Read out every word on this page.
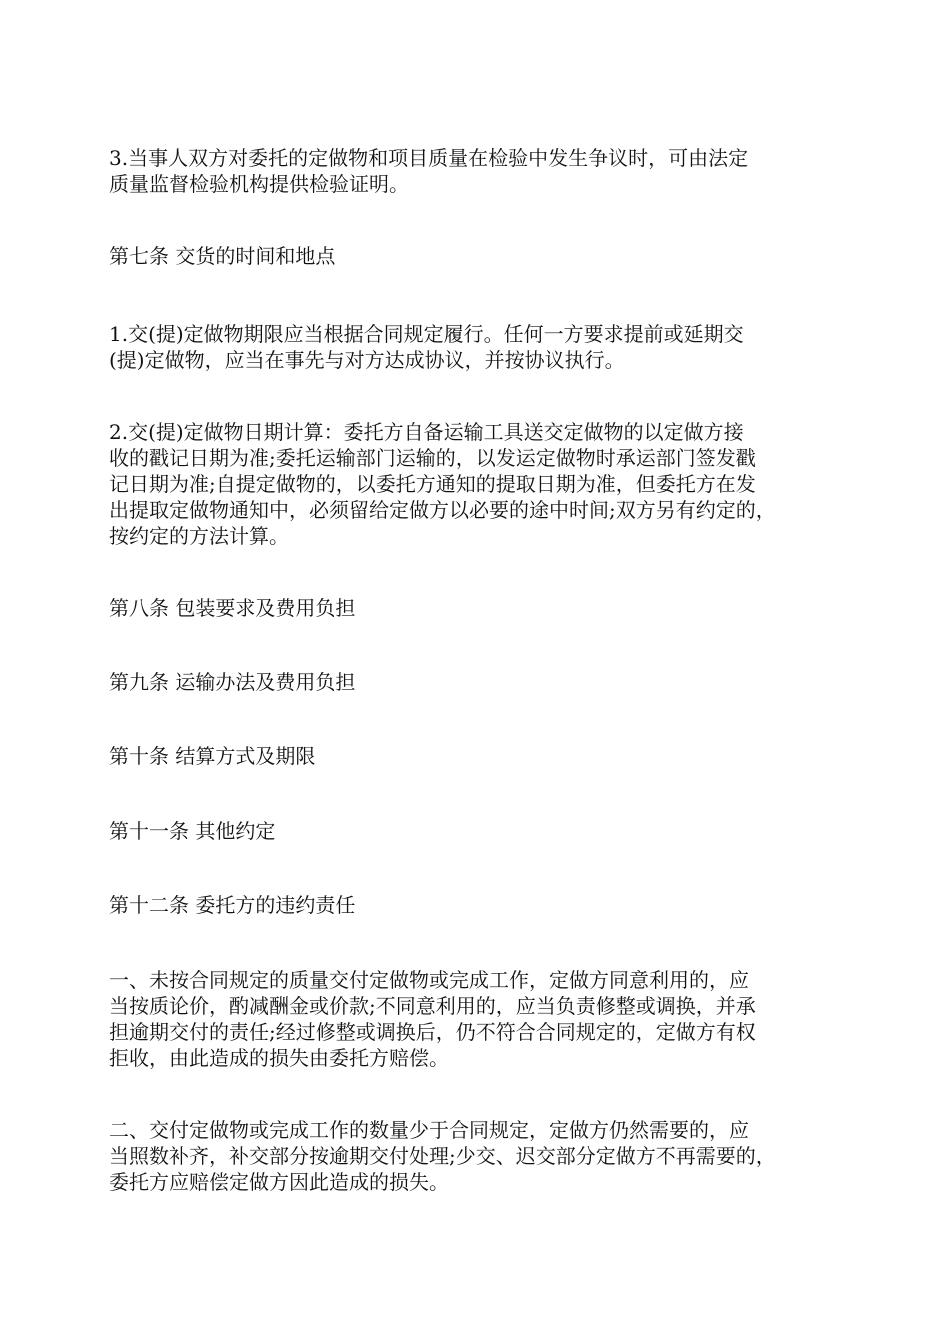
3.当事人双方对委托的定做物和项目质量在检验中发生争议时，可由法定
质量监督检验机构提供检验证明。

第七条 交货的时间和地点

1.交(提)定做物期限应当根据合同规定履行。任何一方要求提前或延期交
(提)定做物，应当在事先与对方达成协议，并按协议执行。

2.交(提)定做物日期计算：委托方自备运输工具送交定做物的以定做方接
收的戳记日期为准;委托运输部门运输的，以发运定做物时承运部门签发戳
记日期为准;自提定做物的，以委托方通知的提取日期为准，但委托方在发
出提取定做物通知中，必须留给定做方以必要的途中时间;双方另有约定的，
按约定的方法计算。

第八条 包装要求及费用负担

第九条 运输办法及费用负担

第十条 结算方式及期限

第十一条 其他约定

第十二条 委托方的违约责任

一、未按合同规定的质量交付定做物或完成工作，定做方同意利用的，应
当按质论价，酌减酬金或价款;不同意利用的，应当负责修整或调换，并承
担逾期交付的责任;经过修整或调换后，仍不符合合同规定的，定做方有权
拒收，由此造成的损失由委托方赔偿。

二、交付定做物或完成工作的数量少于合同规定，定做方仍然需要的，应
当照数补齐，补交部分按逾期交付处理;少交、迟交部分定做方不再需要的，
委托方应赔偿定做方因此造成的损失。
